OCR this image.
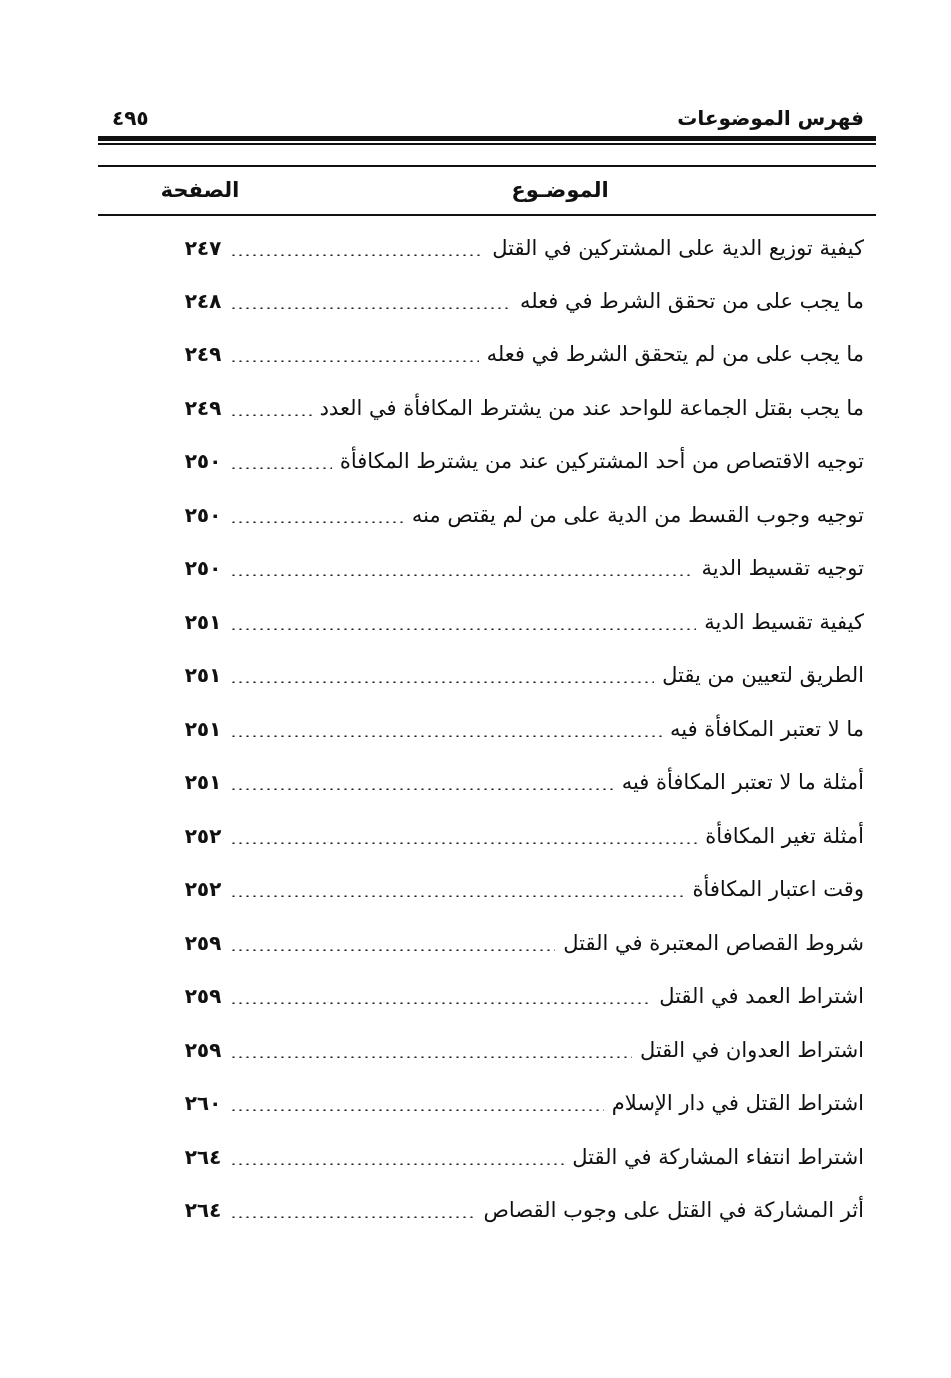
فهرس الموضوعات
٤٩٥
الموضـوع
الصفحة
كيفية توزيع الدية على المشتركين في القتل
٢٤٧
ما يجب على من تحقق الشرط في فعله
٢٤٨
ما يجب على من لم يتحقق الشرط في فعله
٢٤٩
ما يجب بقتل الجماعة للواحد عند من يشترط المكافأة في العدد
٢٤٩
توجيه الاقتصاص من أحد المشتركين عند من يشترط المكافأة
٢٥٠
توجيه وجوب القسط من الدية على من لم يقتص منه
٢٥٠
توجيه تقسيط الدية
٢٥٠
كيفية تقسيط الدية
٢٥١
الطريق لتعيين من يقتل
٢٥١
ما لا تعتبر المكافأة فيه
٢٥١
أمثلة ما لا تعتبر المكافأة فيه
٢٥١
أمثلة تغير المكافأة
٢٥٢
وقت اعتبار المكافأة
٢٥٢
شروط القصاص المعتبرة في القتل
٢٥٩
اشتراط العمد في القتل
٢٥٩
اشتراط العدوان في القتل
٢٥٩
اشتراط القتل في دار الإسلام
٢٦٠
اشتراط انتفاء المشاركة في القتل
٢٦٤
أثر المشاركة في القتل على وجوب القصاص
٢٦٤
